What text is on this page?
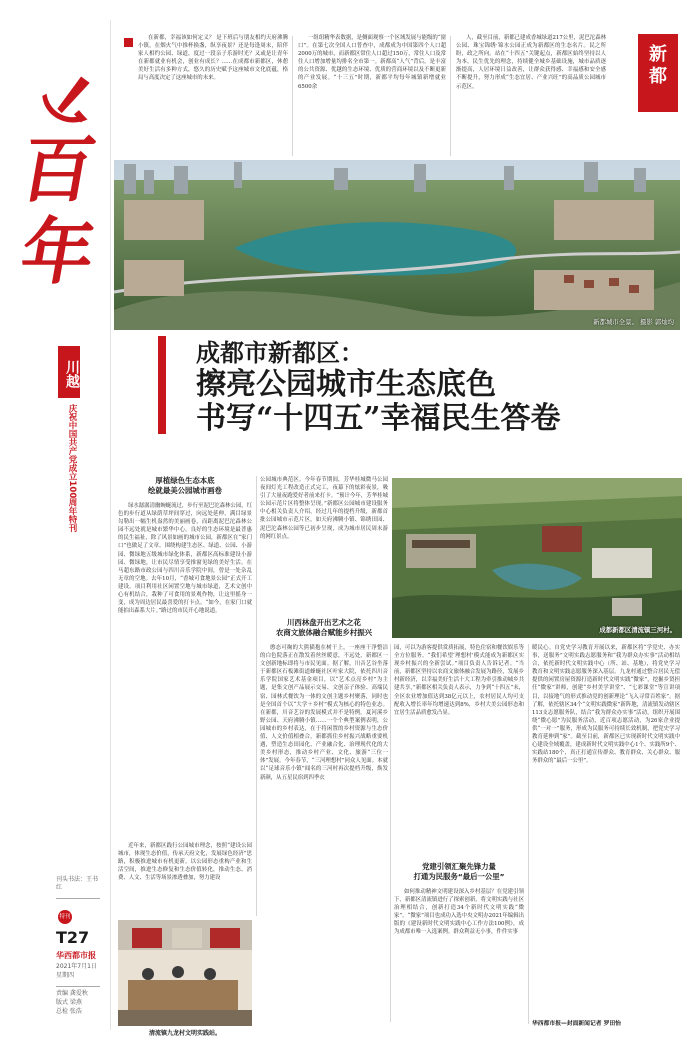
百
年
川越
庆祝中国共产党成立100周年特刊
刊头书法：王书红
特刊
T27
华西都市报
2021年7月1日
星期四
责编 龚爱秋
版式 梁燕
总检 张浩

在新都，幸福该如何定义？ 是下班后与朋友相约天府沸腾小镇，在烟火气中推杯换盏，纵享夜景？还是每逢周末，陪伴家人相约公园、绿道，度过一段亲子乐游时光？又或是让青年在新都就业有机会，创业有成长？……在成都市新都区，休憩美好生活有多种方式，悠久的历史赋予这座城市文化底蕴，格局与高度决定了这座城市的未来。

一组组精华表数据，是侧面观察一个区域发展与能级的“窗口”。在第七次全国人口普查中，成都成为中国第四个人口超2000万的城市，而新都区常住人口超过150万，常住人口及常住人口增加增量均排名全市第一。新都高“人气”背后，是丰富的公共资源、优越的生态环境、优质的营商环境以及不断更新的产业发展。“十三五”时期，新都平均每年城镇新增就业6500余

人，截至目前，新都已建成香城绿道217公里，泥巴沱森林公园、珠宝锦绣·锦水公园正成为新都区的生态名片。民之所盼，政之所向。站在“十四五”关键起点，新都区始终坚持以人为本，民生优先的理念，持续健全城乡基础设施，城市品质逐渐提高，人居环境日益改善，让群众获得感、幸福感和安全感不断提升，努力形成“生态宜居、产业兴旺”的高品质公园城市示范区。

新都
新都城市全景。 摄影 郭灿均
成都市新都区：
擦亮公园城市生态底色
书写“十四五”幸福民生答卷
厚植绿色生态本底
绘就最美公园城市画卷

绿水潺潺清幽蜿蜒流过，步行至泥巴沱森林公园，红色的步行道从绿荫草坪间穿过，向远处延伸，满目绿景勾勒出一幅生机盎然的美丽画卷，而距离泥巴沱森林公园不远处就是城市繁华中心。良好的生态环境是最普惠的民生福祉，除了风景如画的城市公园，新都区在“家门口”也做足了文章。围绕构建生态区、绿道、公园、小游园、微绿地五级城市绿化体系，新都区高标准建设小游园、微绿地，让市民尽情享受推窗见绿的美好生活。在马超东路市政公园与四川音乐学院中间，曾是一处杂乱无章的空地。去年10月，“香城可食地景公园”正式开工建设。项目利用社区闲置空地与城市绿道，艺术文创中心有机结合，栽种了可食用的景观作物，让这里摇身一变，成为周边居民最喜爱的打卡点。“如今，在家门口就能拍出森系大片。”路过的市民开心地说道。

近年来，新都区践行公园城市理念，按照“建设公园城市，体现生态价值，传承天府文化，发展绿色经济”思路，积极推进城市有机更新，以公园形态重构产业和生活空间，推进生态修复和生态价值转化，推动生态、消费、人文、生活等场景渗透叠加，努力建设

公园城市典范区。今年春节期间，芳华桂城微马公园夜间灯光工程改造正式完工，夜幕下的炫彩夜景，吸引了大量夜跑爱好者前来打卡。“预计今年，芳华桂城公园示范片区将整体呈现。”新都区公园城市建设服务中心相关负责人介绍，经过几年的提档升级，新都首批公园城市示范片区，如天府沸腾小镇、锦绣田园、泥巴沱森林公园等已初步呈现，成为城市居民周末游的网红景点。

成都新都区清流镇三河村。
川西林盘开出艺术之花
农商文旅体融合赋能乡村振兴

憨态可掬的大熊猫抱在树干上，一座座干净整洁的白色院落正在散发着丝丝暖意，不远处，新都区一文创新地标即将与市民见面。据了解，川音艺谷坐落于新都区石板滩街道蜂蜒社区叶家大院，依托四川音乐学院国家艺术基金项目，以“艺术点亮乡村”为主题，是集文创产品展示交易、文创亲子体验、高端民宿、园林式餐饮为一体的文创主题乡村聚落，同时也是全国首个以“大学＋乡村”模式为核心的特色业态。在新都，川音艺谷的发展模式并不是特例。夏河溪乡野公园、天府沸腾小镇……一个个典型案例表明，公园城市的乡村表达，在于将闲置的乡村资源与生态价值、人文价值相叠合，新都抓住乡村振兴战略重要机遇，塑造生态田园化、产业融合化、治理现代化的大美乡村形态，推动乡村产业、文化、旅游“三位一体”发展。今年春节，“三河理想村”同众人见面。本就以“足球音乐小镇”闻名的三河村再次提档升级，焕发新颜，从五星民宿到四季衣

园，可以为游客提供赏质拓展，特色住宿和餐饮娱乐等全方位服务。“我们希望‘理想村’模式能成为新都区实现乡村振兴的全新尝试。”项目负责人告诉记者。“当前，新都区坚持以农商文旅体融合发展为路径，发展乡村新经济，以幸福美好生活十大工程为牵引推动城乡共建共享，”新都区相关负责人表示，力争到“十四五”末，全区农业增加值达到38亿元以上，农村居民人均可支配收入增长率年均增速达到8%，乡村大美公园形态和宜居生活品质愈发凸显。

党建引领汇聚先锋力量
打通为民服务“最后一公里”

如何推动精神文明建设深入乡村基层？在党建引领下，新都区清流镇进行了探索创新，将文明实践与社区治理相结合，创新打造34个新时代文明实践“微家”。“微家”项目也成功入选中央文明办2021年编辑出版的《建设新时代文明实践中心工作方法100例》，成为成都市唯一入选案例。群众利益无小事，件件实事

暖民心。自党史学习教育开展以来，新都区将“学党史、办实事，送服务”文明实践志愿服务和“我为群众办实事”活动相结合，依托新时代文明实践中心（所、站、基地），将党史学习教育和文明实践志愿服务深入基层。九龙村通过整合居民无偿提供的闲置房屋资源打造新时代文明实践“微家”，挖掘乡贤担任“微家”讲师，创建“乡村美学讲堂”、“七彩课堂”等宣讲项目，以接地气的形式推动党的创新理论“飞入寻常百姓家”。据了解，依托辖区34个“文明实践微家”新阵地，清流镇发动辖区113支志愿服务队，结合“我为群众办实事”活动，组织开展围绕“微心愿”为民服务活动，近百项志愿活动，为26家企业提供“一对一”服务，形成为民服务可持续长效机制，把党史学习教育延伸到“家”。截至目前，新都区已实现新时代文明实践中心建设全域覆盖，建成新时代文明实践中心1个、实践所9个、实践站180个，真正打通宣传群众、教育群众、关心群众、服务群众的“最后一公里”。

华西都市报—封面新闻记者 罗田怡
清流镇九龙村文明实践站。
